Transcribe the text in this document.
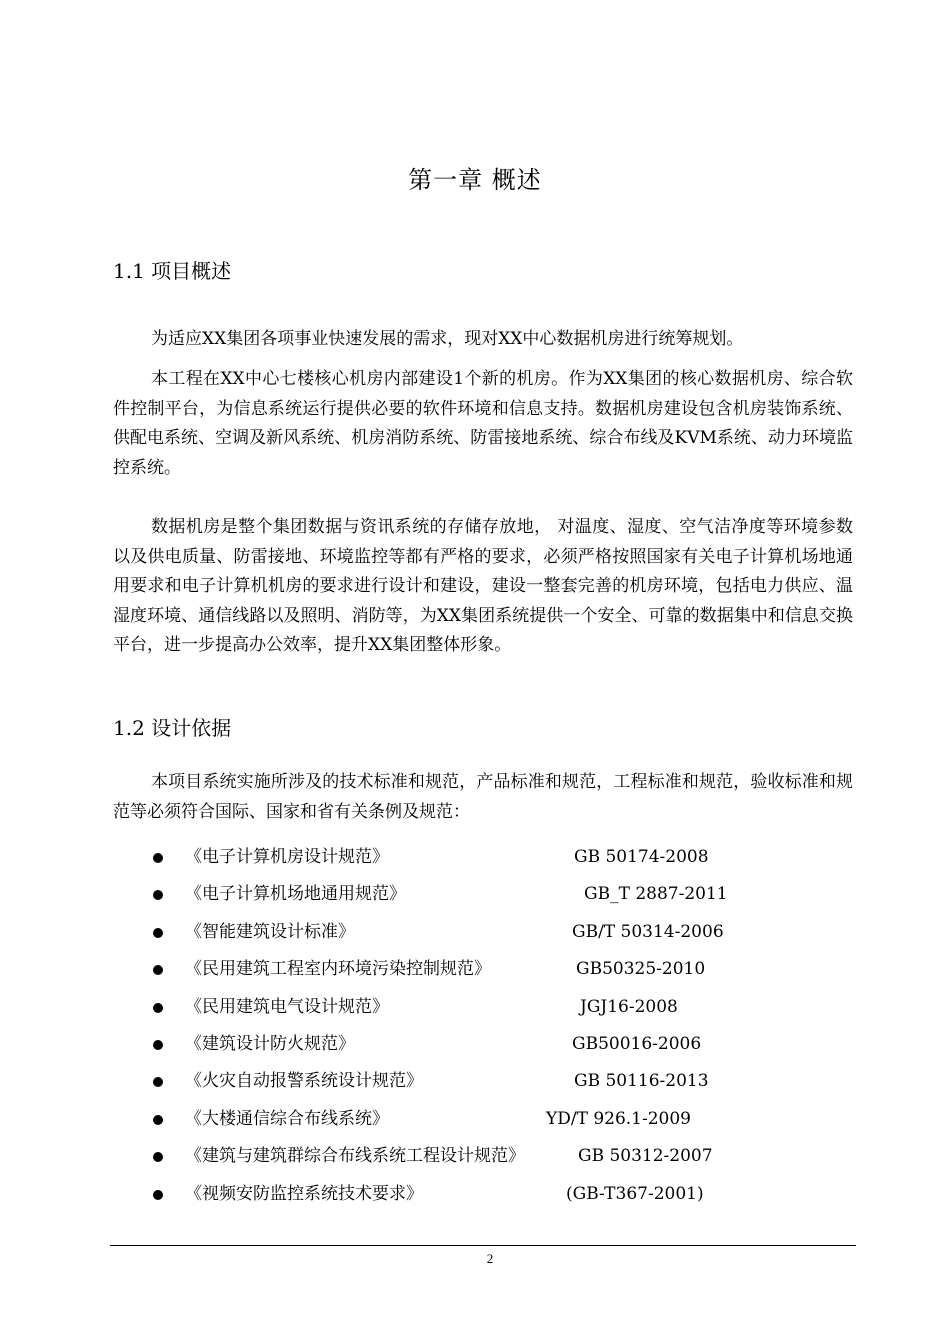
第一章 概述
1.1 项目概述

为适应XX集团各项事业快速发展的需求，现对XX中心数据机房进行统筹规划。

本工程在XX中心七楼核心机房内部建设1个新的机房。作为XX集团的核心数据机房、综合软件控制平台，为信息系统运行提供必要的软件环境和信息支持。数据机房建设包含机房装饰系统、供配电系统、空调及新风系统、机房消防系统、防雷接地系统、综合布线及KVM系统、动力环境监控系统。

数据机房是整个集团数据与资讯系统的存储存放地， 对温度、湿度、空气洁净度等环境参数以及供电质量、防雷接地、环境监控等都有严格的要求，必须严格按照国家有关电子计算机场地通用要求和电子计算机机房的要求进行设计和建设，建设一整套完善的机房环境，包括电力供应、温湿度环境、通信线路以及照明、消防等，为XX集团系统提供一个安全、可靠的数据集中和信息交换平台，进一步提高办公效率，提升XX集团整体形象。

1.2 设计依据

本项目系统实施所涉及的技术标准和规范，产品标准和规范，工程标准和规范，验收标准和规范等必须符合国际、国家和省有关条例及规范：

《电子计算机房设计规范》	GB 50174-2008
《电子计算机场地通用规范》	GB_T 2887-2011
《智能建筑设计标准》	GB/T 50314-2006
《民用建筑工程室内环境污染控制规范》	GB50325-2010
《民用建筑电气设计规范》	JGJ16-2008
《建筑设计防火规范》	GB50016-2006
《火灾自动报警系统设计规范》	GB 50116-2013
《大楼通信综合布线系统》	YD/T 926.1-2009
《建筑与建筑群综合布线系统工程设计规范》	GB 50312-2007
《视频安防监控系统技术要求》	(GB-T367-2001)
2
